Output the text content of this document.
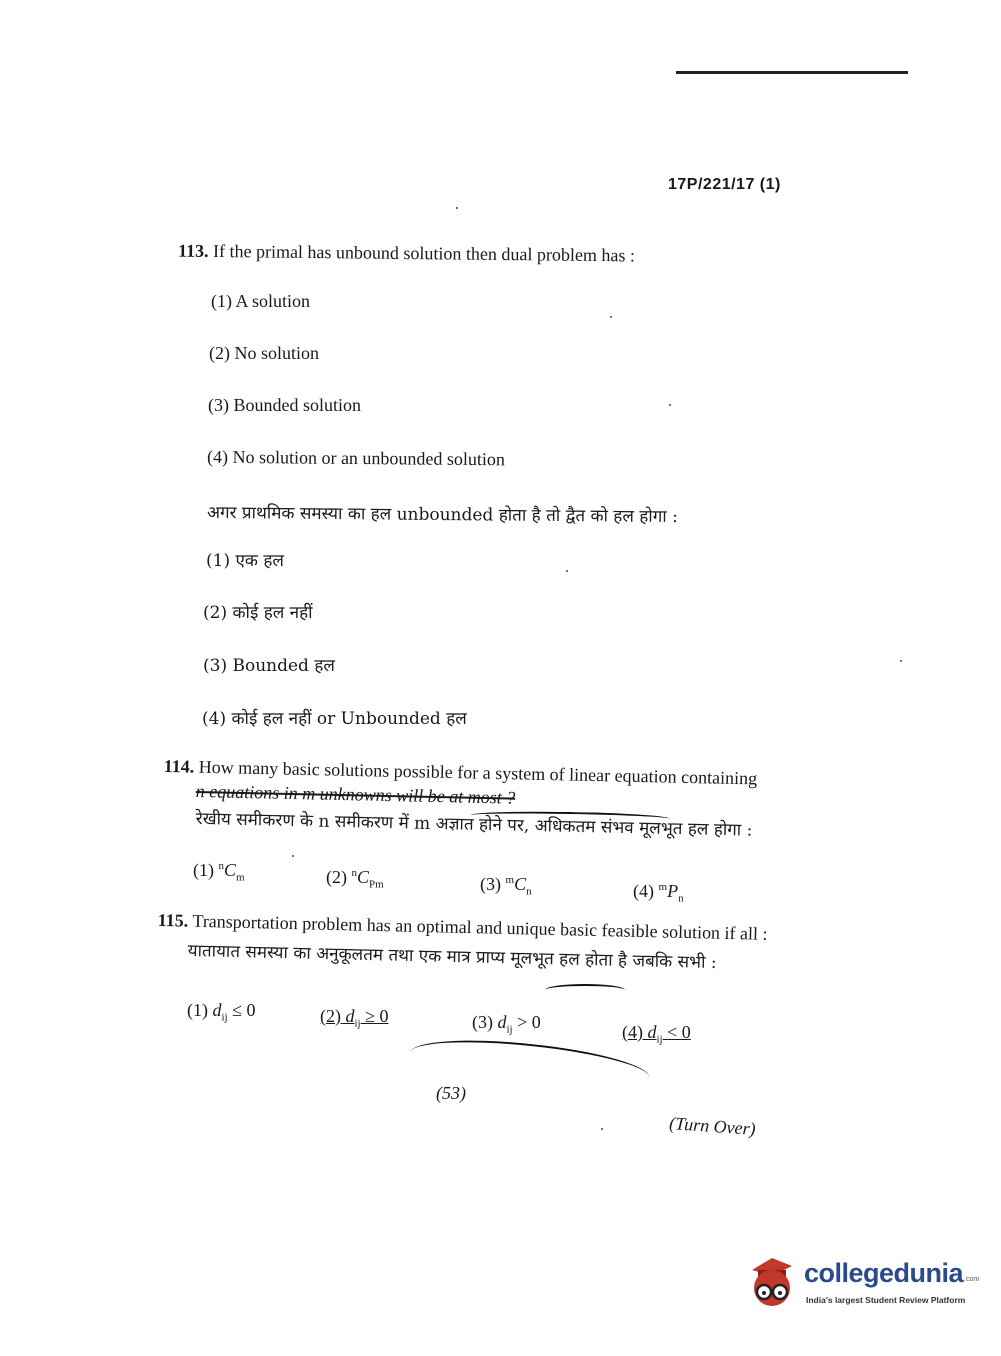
17P/221/17 (1)
113. If the primal has unbound solution then dual problem has :
(1) A solution
(2) No solution
(3) Bounded solution
(4) No solution or an unbounded solution
अगर प्राथमिक समस्या का हल unbounded होता है तो द्वैत को हल होगा :
(1) एक हल
(2) कोई हल नहीं
(3) Bounded हल
(4) कोई हल नहीं or Unbounded हल
114. How many basic solutions possible for a system of linear equation containing
n equations in m unknowns will be at most ?
रेखीय समीकरण के n समीकरण में m अज्ञात होने पर, अधिकतम संभव मूलभूत हल होगा :
(1) $^nC_m$	(2) $^nC_{Pm}$	(3) $^mC_n$	(4) $^mP_n$
115. Transportation problem has an optimal and unique basic feasible solution if all :
यातायात समस्या का अनुकूलतम तथा एक मात्र प्राप्य मूलभूत हल होता है जबकि सभी :
(1) $d_{ij} \le 0$	(2) $d_{ij} \ge 0$	(3) $d_{ij} > 0$	(4) $d_{ij} < 0$
(53)
(Turn Over)
collegedunia .com
India's largest Student Review Platform
